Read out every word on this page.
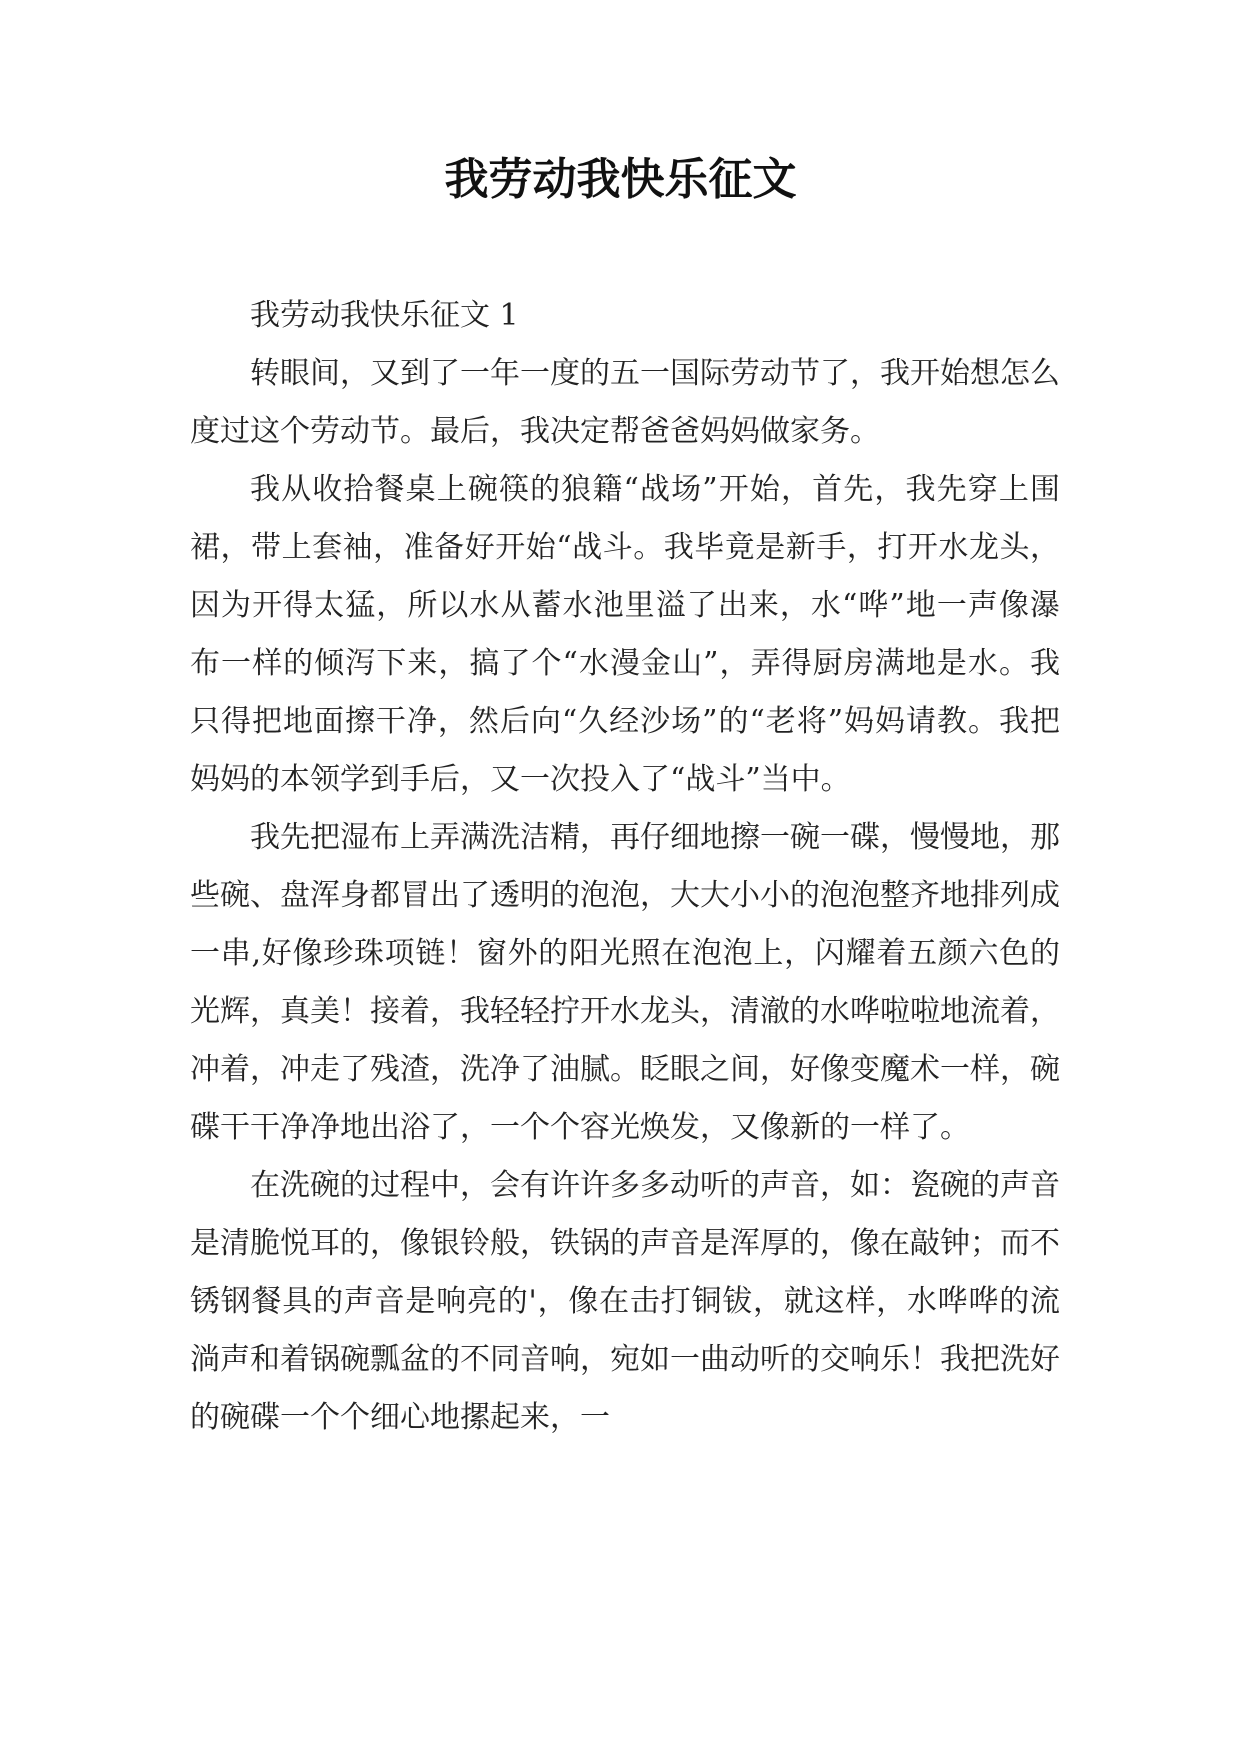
我劳动我快乐征文

我劳动我快乐征文 1

转眼间，又到了一年一度的五一国际劳动节了，我开始想怎么度过这个劳动节。最后，我决定帮爸爸妈妈做家务。

我从收拾餐桌上碗筷的狼籍“战场”开始，首先，我先穿上围裙，带上套袖，准备好开始“战斗。我毕竟是新手，打开水龙头，因为开得太猛，所以水从蓄水池里溢了出来，水“哗”地一声像瀑布一样的倾泻下来，搞了个“水漫金山”，弄得厨房满地是水。我只得把地面擦干净，然后向“久经沙场”的“老将”妈妈请教。我把妈妈的本领学到手后，又一次投入了“战斗”当中。

我先把湿布上弄满洗洁精，再仔细地擦一碗一碟，慢慢地，那些碗、盘浑身都冒出了透明的泡泡，大大小小的泡泡整齐地排列成一串,好像珍珠项链！窗外的阳光照在泡泡上，闪耀着五颜六色的光辉，真美！接着，我轻轻拧开水龙头，清澈的水哗啦啦地流着，冲着，冲走了残渣，洗净了油腻。眨眼之间，好像变魔术一样，碗碟干干净净地出浴了，一个个容光焕发，又像新的一样了。

在洗碗的过程中，会有许许多多动听的声音，如：瓷碗的声音是清脆悦耳的，像银铃般，铁锅的声音是浑厚的，像在敲钟；而不锈钢餐具的声音是响亮的'，像在击打铜钹，就这样，水哗哗的流淌声和着锅碗瓢盆的不同音响，宛如一曲动听的交响乐！我把洗好的碗碟一个个细心地摞起来，一
